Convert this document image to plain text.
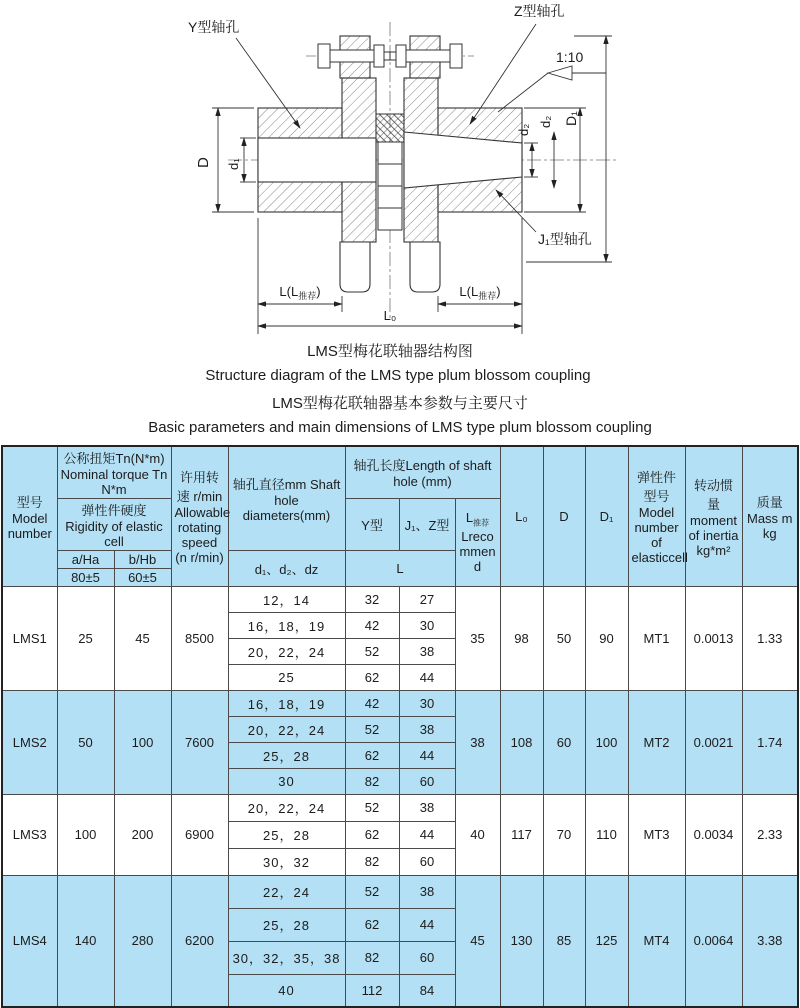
Y型轴孔
Z型轴孔
J₁型轴孔
1:10
D d₁
d₂
d₂ D₁
$L(L_{推荐})$	$L(L_{推荐})$
L₀
LMS型梅花联轴器结构图
Structure diagram of the LMS type plum blossom coupling
LMS型梅花联轴器基本参数与主要尺寸
Basic parameters and main dimensions of LMS type plum blossom coupling
型号 Model number	公称扭矩Tn(N*m) Nominal torque Tn N*m		许用转速 r/min Allowable rotating speed (n r/min)	轴孔直径mm Shaft hole diameters(mm)	轴孔长度Length of shaft hole (mm)			L₀	D	D₁	弹性件型号Model number of elasticcell	转动惯量 moment of inertia kg*m²	质量 Mass m kg
	弹性件硬度 Rigidity of elastic cell				Y型	J₁、Z型	$L_{推荐}$
Lrecommend						

	a/Ha	b/Hb		d₁、d₂、dz	L								
	80±5	60±5											
LMS1	25	45	8500	12，14	32	27	35	98	50	90	MT1	0.0013	1.33
				16，18，19	42	30							
				20，22，24	52	38							
				25	62	44							
LMS2	50	100	7600	16，18，19	42	30	38	108	60	100	MT2	0.0021	1.74
				20，22，24	52	38							
				25，28	62	44							
				30	82	60							
LMS3	100	200	6900	20，22，24	52	38	40	117	70	110	MT3	0.0034	2.33
				25，28	62	44							
				30，32	82	60							
LMS4	140	280	6200	22，24	52	38	45	130	85	125	MT4	0.0064	3.38
				25，28	62	44							
				30，32，35，38	82	60							
				40	112	84							
